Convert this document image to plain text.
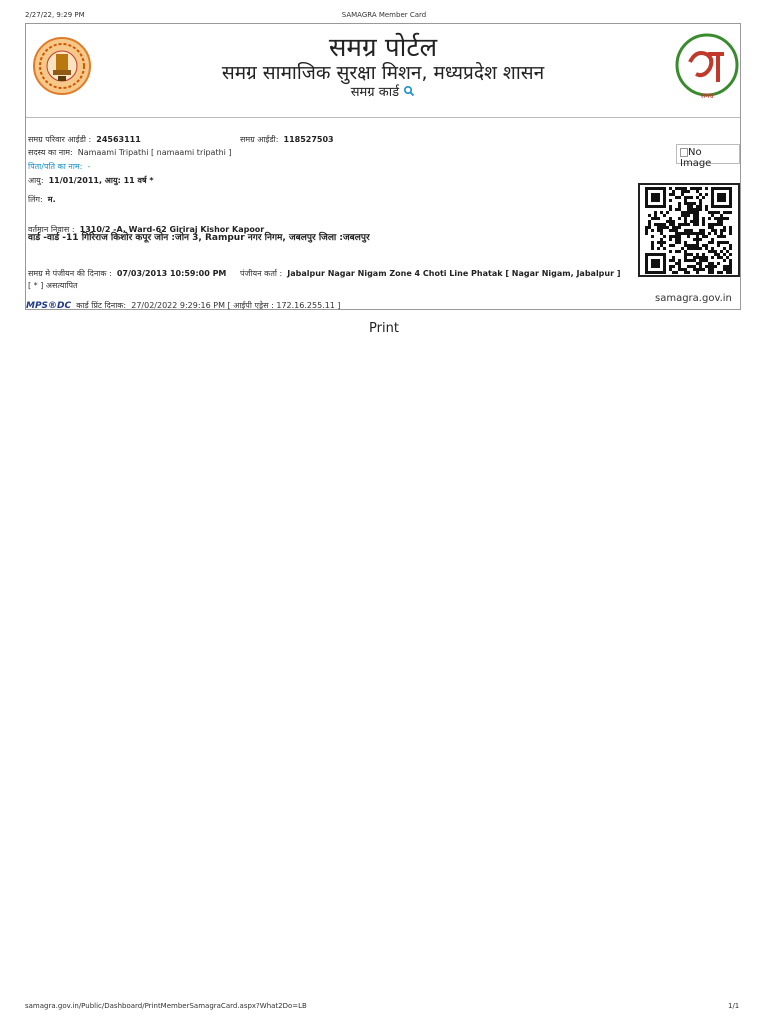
2/27/22, 9:29 PM	SAMAGRA Member Card
समग्र पोर्टल
समग्र सामाजिक सुरक्षा मिशन, मध्यप्रदेश शासन
समग्र कार्ड	समग्र
समग्र परिवार आईडी : 24563111	समग्र आईडी: 118527503
सदस्य का नाम: Namaami Tripathi [ namaami tripathi ]
पिता/पति का नाम: -
आयु: 11/01/2011, आयु: 11 वर्ष *
लिंग: म.
वर्तमान निवास : 1310/2 -A, Ward-62 Giriraj Kishor Kapoor
वार्ड -वार्ड -11 गिरिराज किशोर कपूर जोन :जोन 3, Rampur नगर निगम, जबलपुर जिला :जबलपुर
समग्र मे पंजीयन की दिनाक : 07/03/2013 10:59:00 PM पंजीयन कर्ता : Jabalpur Nagar Nigam Zone 4 Choti Line Phatak [ Nagar Nigam, Jabalpur ]
[ * ] असत्यापित
MPS®DC कार्ड प्रिंट दिनाक: 27/02/2022 9:29:16 PM [ आईपी एड्रेस : 172.16.255.11 ]
samagra.gov.in
No Image
Print
samagra.gov.in/Public/Dashboard/PrintMemberSamagraCard.aspx?What2Do=LB	1/1
